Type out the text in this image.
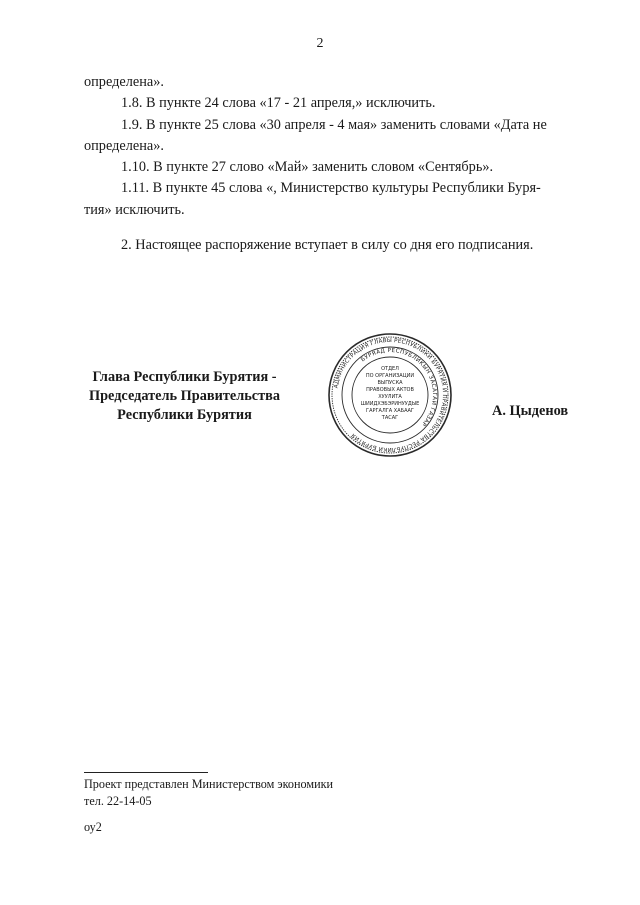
2
определена».
1.8. В пункте 24 слова «17 - 21 апреля,» исключить.
1.9. В пункте 25 слова «30 апреля - 4 мая» заменить словами «Дата не
определена».
1.10. В пункте 27 слово «Май» заменить словом «Сентябрь».
1.11. В пункте 45 слова «, Министерство культуры Республики Буря-
тия» исключить.
2. Настоящее распоряжение вступает в силу со дня его подписания.
Глава Республики Бурятия -
Председатель Правительства
Республики Бурятия
АДМИНИСТРАЦИЯ ГЛАВЫ РЕСПУБЛИКИ БУРЯТИЯ И ПРАВИТЕЛЬСТВА РЕСПУБЛИКИ БУРЯТИЯ
БУРЯАД РЕСПУБЛИКЫН ЗАСАГАЙ ГАЗАР
ОТДЕЛ
ПО ОРГАНИЗАЦИИ
ВЫПУСКА
ПРАВОВЫХ АКТОВ
ХУУЛИТА
ШИИДХЭБЭРИНУУДЫЕ
ГАРГАЛГА ХАБААГ
ТАСАГ	А. Цыденов
Проект представлен Министерством экономики
тел. 22-14-05
оу2
